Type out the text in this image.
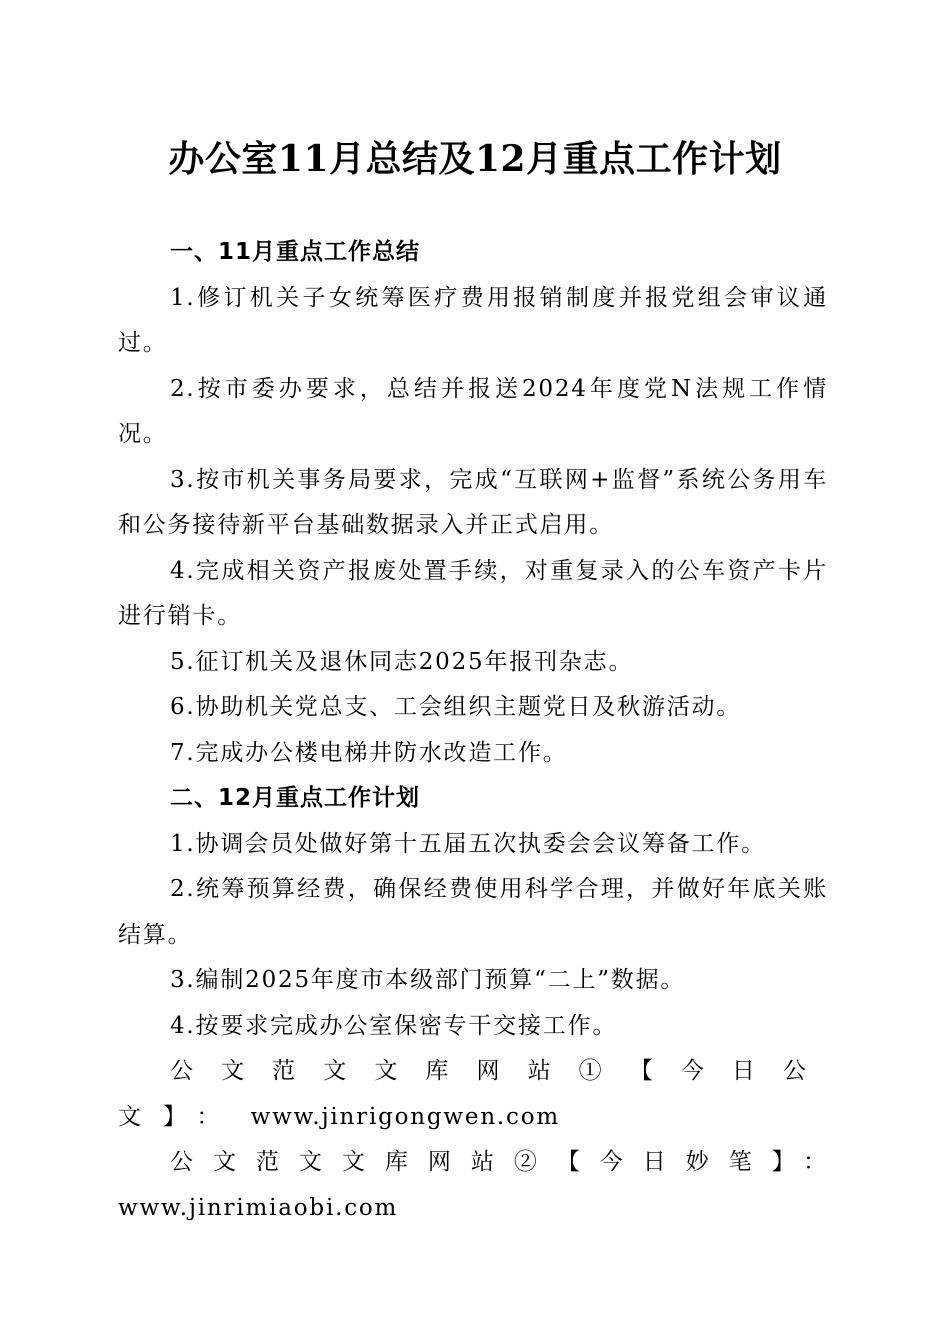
办公室11月总结及12月重点工作计划

一、11月重点工作总结

1.修订机关子女统筹医疗费用报销制度并报党组会审议通过。

2.按市委办要求，总结并报送2024年度党N法规工作情况。

3.按市机关事务局要求，完成“互联网+监督”系统公务用车和公务接待新平台基础数据录入并正式启用。

4.完成相关资产报废处置手续，对重复录入的公车资产卡片进行销卡。

5.征订机关及退休同志2025年报刊杂志。

6.协助机关党总支、工会组织主题党日及秋游活动。

7.完成办公楼电梯井防水改造工作。

二、12月重点工作计划

1.协调会员处做好第十五届五次执委会会议筹备工作。

2.统筹预算经费，确保经费使用科学合理，并做好年底关账结算。

3.编制2025年度市本级部门预算“二上”数据。

4.按要求完成办公室保密专干交接工作。

公文范文文库网站①【今日公文】： www.jinrigongwen.com

公文范文文库网站②【今日妙笔】：www.jinrimiaobi.com
